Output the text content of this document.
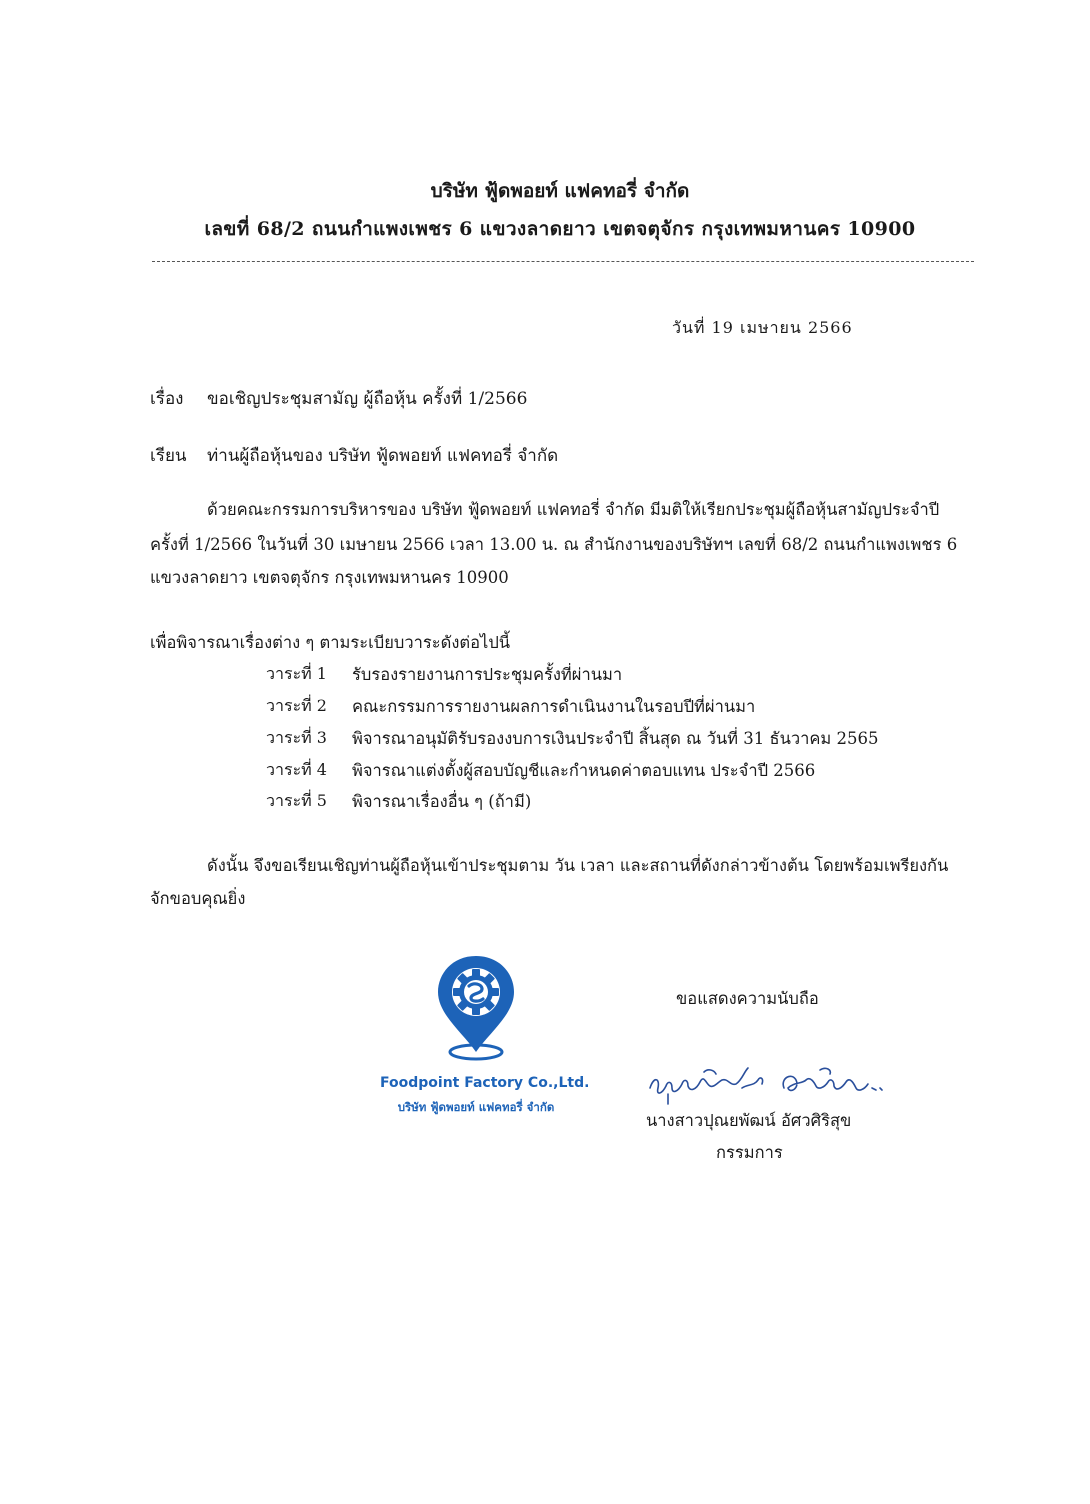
บริษัท ฟู้ดพอยท์ แฟคทอรี่ จำกัด
เลขที่ 68/2 ถนนกำแพงเพชร 6 แขวงลาดยาว เขตจตุจักร กรุงเทพมหานคร 10900
วันที่ 19 เมษายน 2566
เรื่อง ขอเชิญประชุมสามัญ ผู้ถือหุ้น ครั้งที่ 1/2566
เรียน ท่านผู้ถือหุ้นของ บริษัท ฟู้ดพอยท์ แฟคทอรี่ จำกัด
ด้วยคณะกรรมการบริหารของ บริษัท ฟู้ดพอยท์ แฟคทอรี่ จำกัด มีมติให้เรียกประชุมผู้ถือหุ้นสามัญประจำปี
ครั้งที่ 1/2566 ในวันที่ 30 เมษายน 2566 เวลา 13.00 น. ณ สำนักงานของบริษัทฯ เลขที่ 68/2 ถนนกำแพงเพชร 6
แขวงลาดยาว เขตจตุจักร กรุงเทพมหานคร 10900
เพื่อพิจารณาเรื่องต่าง ๆ ตามระเบียบวาระดังต่อไปนี้
วาระที่ 1 รับรองรายงานการประชุมครั้งที่ผ่านมา
วาระที่ 2 คณะกรรมการรายงานผลการดำเนินงานในรอบปีที่ผ่านมา
วาระที่ 3 พิจารณาอนุมัติรับรองงบการเงินประจำปี สิ้นสุด ณ วันที่ 31 ธันวาคม 2565
วาระที่ 4 พิจารณาแต่งตั้งผู้สอบบัญชีและกำหนดค่าตอบแทน ประจำปี 2566
วาระที่ 5 พิจารณาเรื่องอื่น ๆ (ถ้ามี)
ดังนั้น จึงขอเรียนเชิญท่านผู้ถือหุ้นเข้าประชุมตาม วัน เวลา และสถานที่ดังกล่าวข้างต้น โดยพร้อมเพรียงกัน
จักขอบคุณยิ่ง
Foodpoint Factory Co.,Ltd.
บริษัท ฟู้ดพอยท์ แฟคทอรี่ จำกัด
ขอแสดงความนับถือ
นางสาวปุณยพัฒน์ อัศวศิริสุข
กรรมการ
